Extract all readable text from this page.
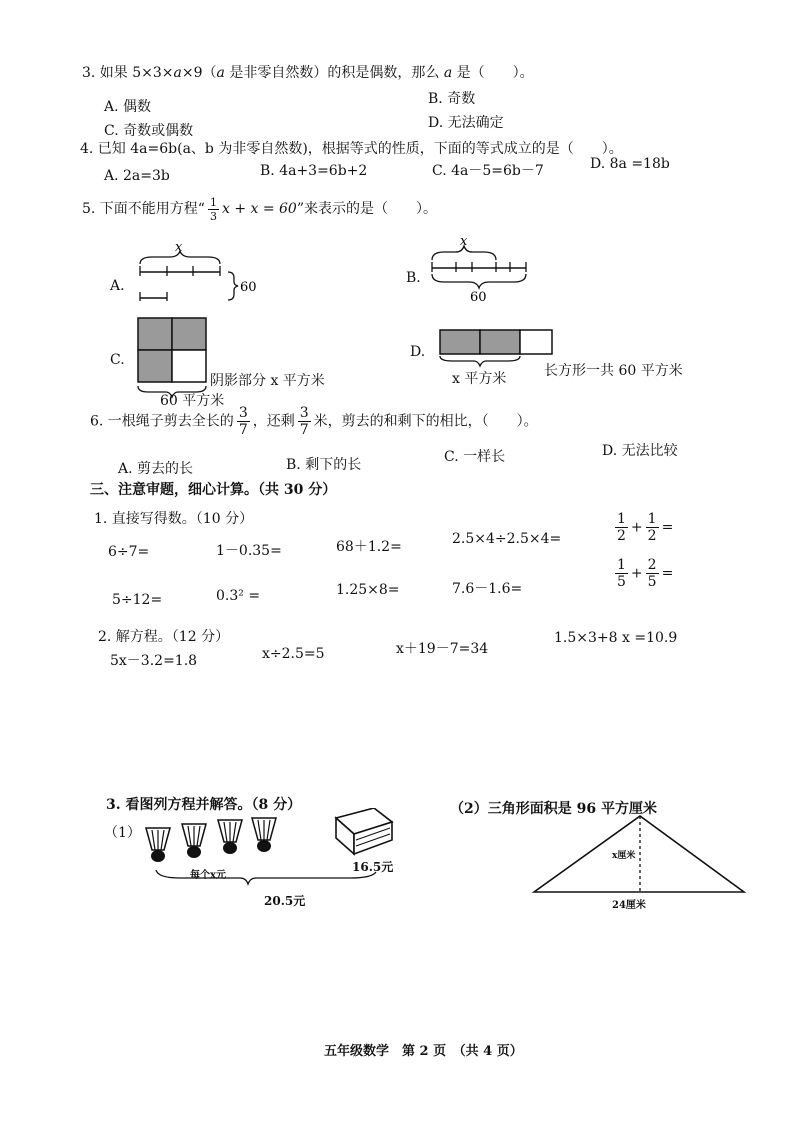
3. 如果 5×3×a×9（a 是非零自然数）的积是偶数，那么 a 是（　　）。
A. 偶数	B. 奇数
C. 奇数或偶数	D. 无法确定
4. 已知 4a=6b(a、b 为非零自然数)，根据等式的性质，下面的等式成立的是（　　）。
A. 2a=3b	B. 4a+3=6b+2	C. 4a－5=6b－7	D. 8a =18b
5. 下面不能用方程“ $\frac{1}{3}$ x + x = 60”来表示的是（　　）。
A.
x
60
B.
x
60
C.
阴影部分 x 平方米
60 平方米
D.
x 平方米	长方形一共 60 平方米
6. 一根绳子剪去全长的 $\frac{3}{7}$ ，还剩 $\frac{3}{7}$ 米，剪去的和剩下的相比，（　　）。
A. 剪去的长	B. 剩下的长	C. 一样长	D. 无法比较
三、注意审题，细心计算。（共 30 分）
1. 直接写得数。（10 分）
6÷7=	1－0.35=	68＋1.2=	2.5×4÷2.5×4=
5÷12=	0.3² =	1.25×8=	7.6－1.6=
$\frac{1}{2} + \frac{1}{2}$ =
$\frac{1}{5} + \frac{2}{5}$ =
2. 解方程。（12 分）
5x－3.2=1.8	x÷2.5=5	x＋19－7=34
1.5×3+8 x =10.9
3. 看图列方程并解答。（8 分）
（1）
每个x元
16.5元
20.5元
（2）三角形面积是 96 平方厘米
x厘米
24厘米
五年级数学　第 2 页　（共 4 页）
